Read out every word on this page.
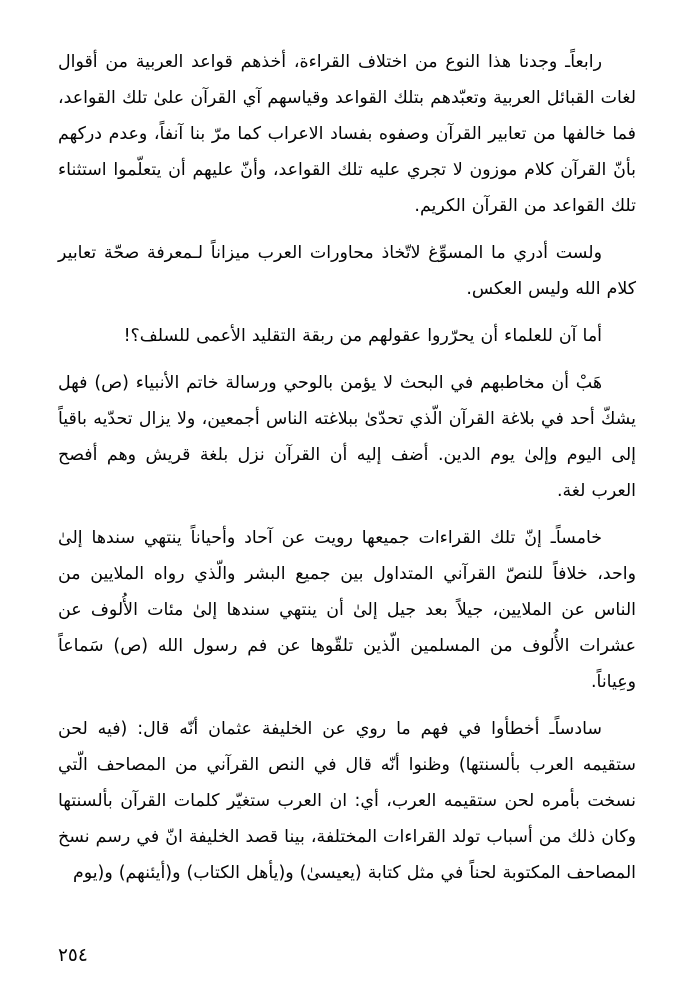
رابعاًـ وجدنا هذا النوع من اختلاف القراءة، أخذهم قواعد العربية من أقوال لغات القبائل العربية وتعبّدهم بتلك القواعد وقياسهم آي القرآن علىٰ تلك القواعد، فما خالفها من تعابير القرآن وصفوه بفساد الاعراب كما مرّ بنا آنفاً، وعدم دركهم بأنّ القرآن كلام موزون لا تجري عليه تلك القواعد، وأنّ عليهم أن يتعلّموا استثناء تلك القواعد من القرآن الكريم.

ولست أدري ما المسوِّغ لاتّخاذ محاورات العرب ميزاناً لـمعرفة صحّة تعابير كلام الله وليس العكس.

أما آن للعلماء أن يحرّروا عقولهم من ربقة التقليد الأعمى للسلف؟!

هَبْ أن مخاطبهم في البحث لا يؤمن بالوحي ورسالة خاتم الأنبياء (ص) فهل يشكّ أحد في بلاغة القرآن الّذي تحدّىٰ ببلاغته الناس أجمعين، ولا يزال تحدّيه باقياً إلى اليوم وإلىٰ يوم الدين. أضف إليه أن القرآن نزل بلغة قريش وهم أفصح العرب لغة.

خامساًـ إنّ تلك القراءات جميعها رويت عن آحاد وأحياناً ينتهي سندها إلىٰ واحد، خلافاً للنصّ القرآني المتداول بين جميع البشر والّذي رواه الملايين من الناس عن الملايين، جيلاً بعد جيل إلىٰ أن ينتهي سندها إلىٰ مئات الأُلوف عن عشرات الأُلوف من المسلمين الّذين تلقّوها عن فم رسول الله (ص) سَماعاً وعِياناً.

سادساًـ أخطأوا في فهم ما روي عن الخليفة عثمان أنّه قال: (فيه لحن ستقيمه العرب بألسنتها) وظنوا أنّه قال في النص القرآني من المصاحف الّتي نسخت بأمره لحن ستقيمه العرب، أي: ان العرب ستغيّر كلمات القرآن بألسنتها وكان ذلك من أسباب تولد القراءات المختلفة، بينا قصد الخليفة انّ في رسم نسخ المصاحف المكتوبة لحناً في مثل كتابة (يعيسىٰ) و(يأهل الكتاب) و(أيئنهم) و(يوم

٢٥٤
